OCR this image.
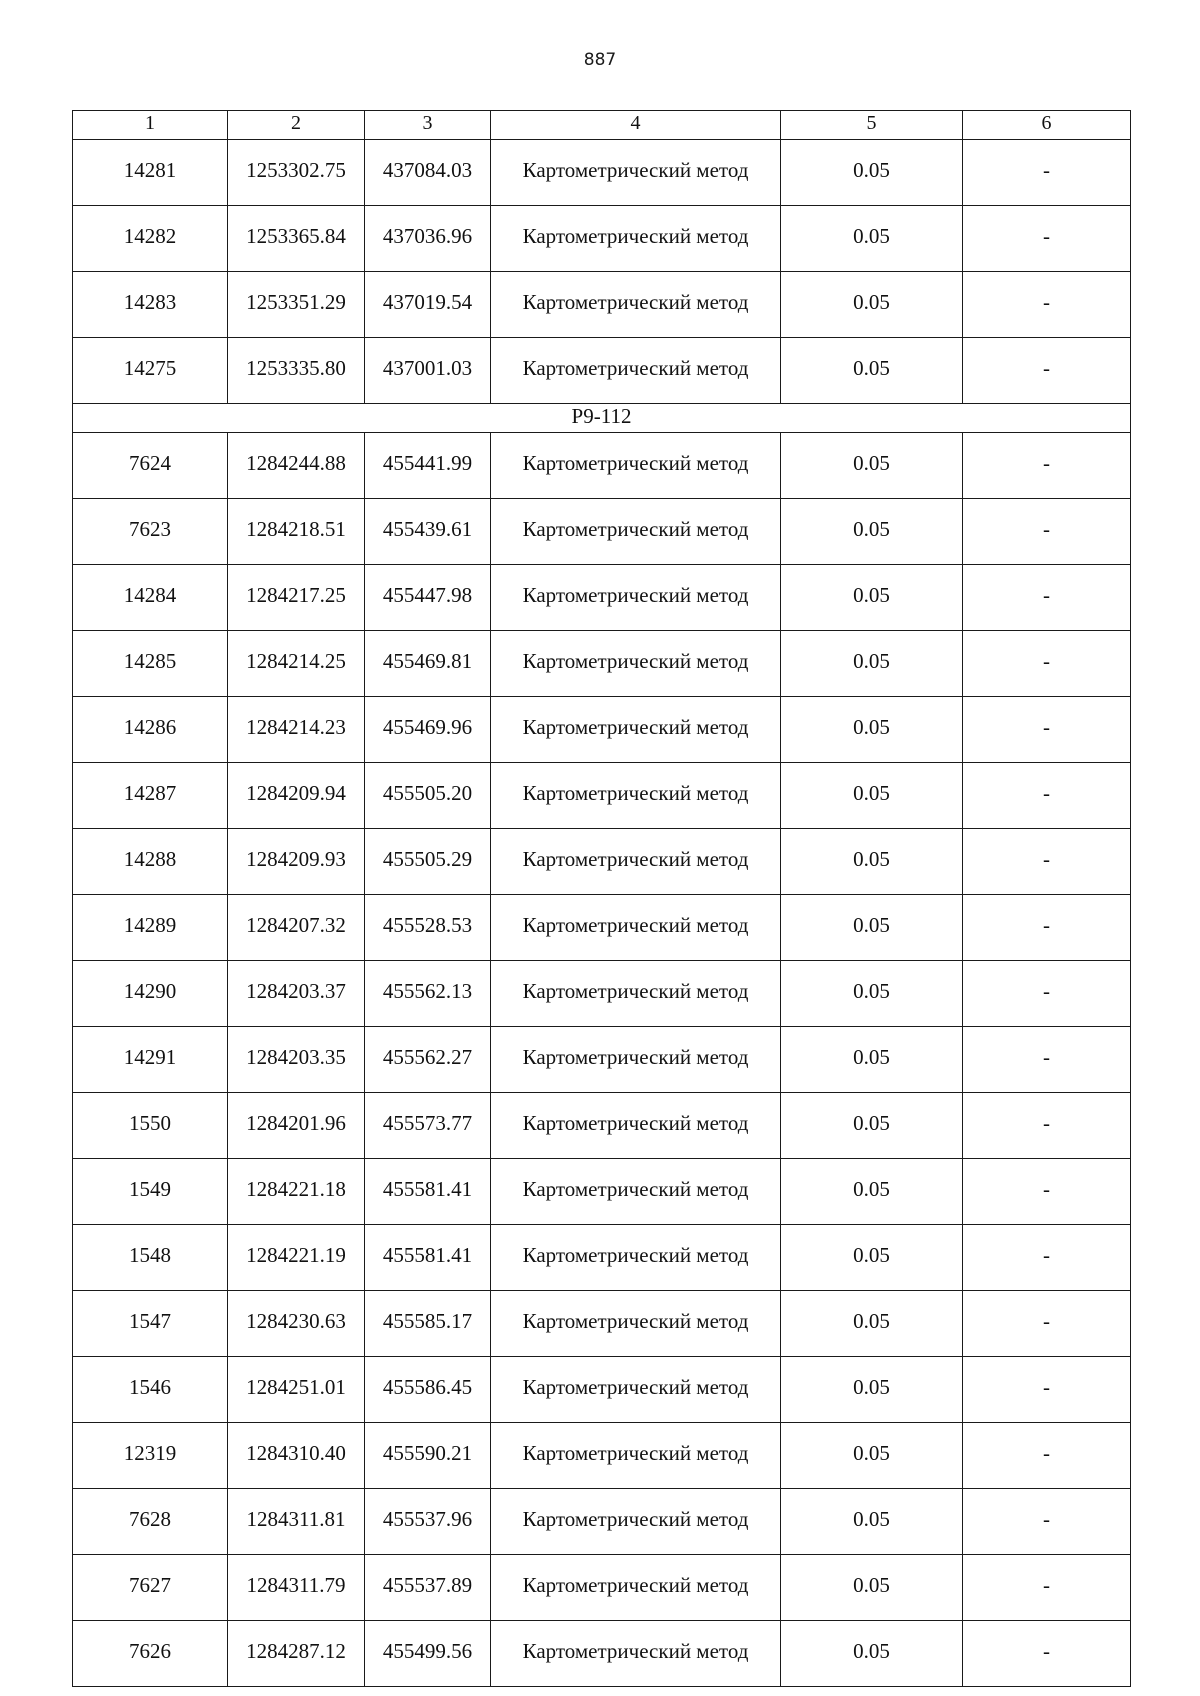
887
1	2	3	4	5	6
14281	1253302.75	437084.03	Картометрический метод	0.05	-
14282	1253365.84	437036.96	Картометрический метод	0.05	-
14283	1253351.29	437019.54	Картометрический метод	0.05	-
14275	1253335.80	437001.03	Картометрический метод	0.05	-
Р9-112					
7624	1284244.88	455441.99	Картометрический метод	0.05	-
7623	1284218.51	455439.61	Картометрический метод	0.05	-
14284	1284217.25	455447.98	Картометрический метод	0.05	-
14285	1284214.25	455469.81	Картометрический метод	0.05	-
14286	1284214.23	455469.96	Картометрический метод	0.05	-
14287	1284209.94	455505.20	Картометрический метод	0.05	-
14288	1284209.93	455505.29	Картометрический метод	0.05	-
14289	1284207.32	455528.53	Картометрический метод	0.05	-
14290	1284203.37	455562.13	Картометрический метод	0.05	-
14291	1284203.35	455562.27	Картометрический метод	0.05	-
1550	1284201.96	455573.77	Картометрический метод	0.05	-
1549	1284221.18	455581.41	Картометрический метод	0.05	-
1548	1284221.19	455581.41	Картометрический метод	0.05	-
1547	1284230.63	455585.17	Картометрический метод	0.05	-
1546	1284251.01	455586.45	Картометрический метод	0.05	-
12319	1284310.40	455590.21	Картометрический метод	0.05	-
7628	1284311.81	455537.96	Картометрический метод	0.05	-
7627	1284311.79	455537.89	Картометрический метод	0.05	-
7626	1284287.12	455499.56	Картометрический метод	0.05	-
